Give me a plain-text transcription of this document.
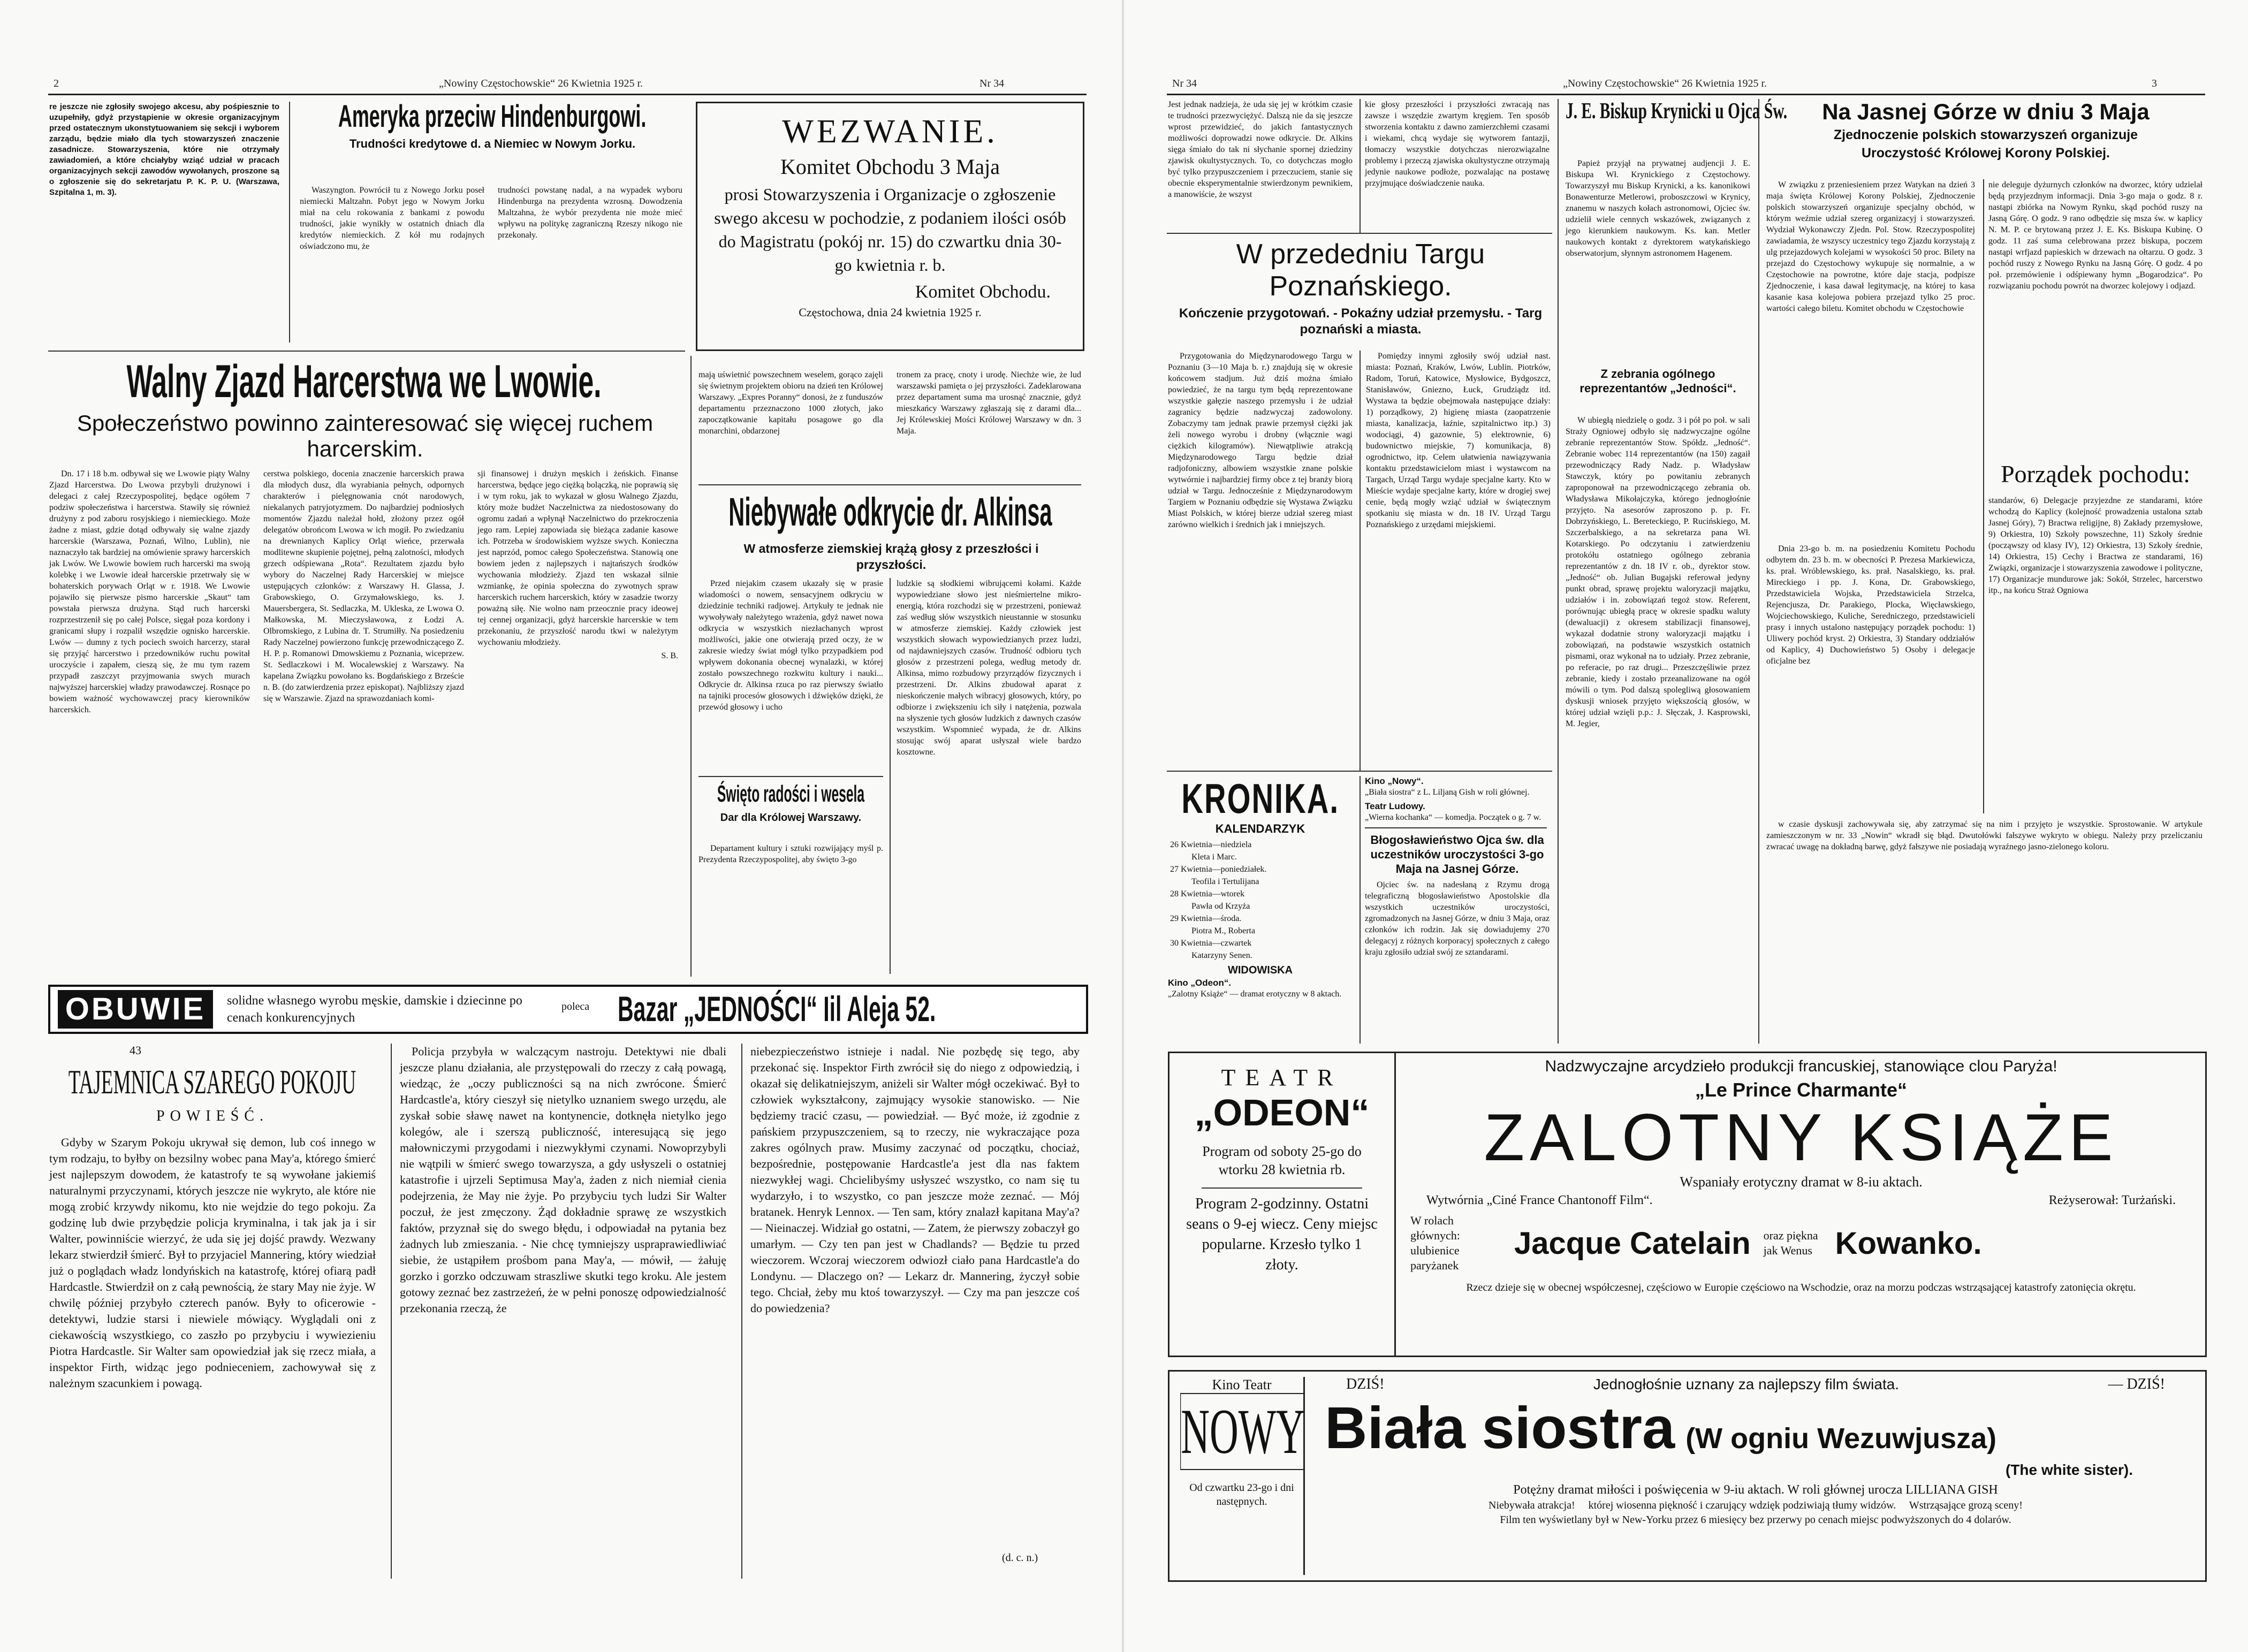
2	„Nowiny Częstochowskie“ 26 Kwietnia 1925 r.	Nr 34

re jeszcze nie zgłosiły swojego akcesu, aby pośpiesznie to uzupełniły, gdyż przystąpienie w okresie organizacyjnym przed ostatecznym ukonstytuowaniem się sekcji i wyborem zarządu, będzie miało dla tych stowarzyszeń znaczenie zasadnicze. Stowarzyszenia, które nie otrzymały zawiadomień, a które chciałyby wziąć udział w pracach organizacyjnych sekcji zawodów wywołanych, proszone są o zgłoszenie się do sekretarjatu P. K. P. U. (Warszawa, Szpitalna 1, m. 3).

Ameryka przeciw Hindenburgowi.
Trudności kredytowe d. a Niemiec w Nowym Jorku.

Waszyngton. Powrócił tu z Nowego Jorku poseł niemiecki Maltzahn. Pobyt jego w Nowym Jorku miał na celu rokowania z bankami z powodu trudności, jakie wynikły w ostatnich dniach dla kredytów niemieckich. Z kół mu rodajnych oświadczono mu, że

trudności powstanę nadal, a na wypadek wyboru Hindenburga na prezydenta wzrosną. Dowodzenia Maltzahna, że wybór prezydenta nie może mieć wpływu na politykę zagraniczną Rzeszy nikogo nie przekonały.

WEZWANIE.
Komitet Obchodu 3 Maja
prosi Stowarzyszenia i Organizacje o zgłoszenie swego akcesu w pochodzie, z podaniem ilości osób do Magistratu (pokój nr. 15) do czwartku dnia 30-go kwietnia r. b.
Komitet Obchodu.
Częstochowa, dnia 24 kwietnia 1925 r.
Walny Zjazd Harcerstwa we Lwowie.
Społeczeństwo powinno zainteresować się więcej ruchem harcerskim.

Dn. 17 i 18 b.m. odbywał się we Lwowie piąty Walny Zjazd Harcerstwa. Do Lwowa przybyli drużynowi i delegaci z całej Rzeczypospolitej, będące ogółem 7 podziw społeczeństwa i harcerstwa. Stawiły się również drużyny z pod zaboru rosyjskiego i niemieckiego. Może żadne z miast, gdzie dotąd odbywały się walne zjazdy harcerskie (Warszawa, Poznań, Wilno, Lublin), nie naznaczyło tak bardziej na omówienie sprawy harcerskich jak Lwów. We Lwowie bowiem ruch harcerski ma swoją kolebkę i we Lwowie ideał harcerskie przetrwały się w bohaterskich porywach Orląt w r. 1918. We Lwowie pojawiło się pierwsze pismo harcerskie „Skaut“ tam powstała pierwsza drużyna. Stąd ruch harcerski rozprzestrzenił się po całej Polsce, sięgał poza kordony i granicami słupy i rozpalił wszędzie ognisko harcerskie. Lwów — dumny z tych pociech swoich harcerzy, starał się przyjąć harcerstwo i przedowników ruchu powitał uroczyście i zapałem, cieszą się, że mu tym razem przypadł zaszczyt przyjmowania swych murach najwyższej harcerskiej władzy prawodawczej. Rosnące po bowiem ważność wychowawczej pracy kierowników harcerskich.

cerstwa polskiego, docenia znaczenie harcerskich prawa dla młodych dusz, dla wyrabiania pełnych, odpornych charakterów i pielęgnowania cnót narodowych, niekalanych patryjotyzmem. Do najbardziej podniosłych momentów Zjazdu należał hołd, złożony przez ogół delegatów obrońcom Lwowa w ich mogił. Po zwiedzaniu na drewnianych Kaplicy Orląt wieńce, przerwała modlitewne skupienie pojętnej, pełną zalotności, młodych grzech odśpiewana „Rota“. Rezultatem zjazdu było wybory do Naczelnej Rady Harcerskiej w miejsce ustępujących członków: z Warszawy H. Glassa, J. Grabowskiego, O. Grzymałowskiego, ks. J. Mauersbergera, St. Sedlaczka, M. Ukleska, ze Lwowa O. Małkowska, M. Mieczysławowa, z Łodzi A. Olbromskiego, z Lubina dr. T. Strumiłły. Na posiedzeniu Rady Naczelnej powierzono funkcję przewodniczącego Z. H. P. p. Romanowi Dmowskiemu z Poznania, wiceprzew. St. Sedlaczkowi i M. Wocalewskiej z Warszawy. Na kapelana Związku powołano ks. Bogdańskiego z Brzeście n. B. (do zatwierdzenia przez episkopat). Najbliższy zjazd się w Warszawie. Zjazd na sprawozdaniach komi-

sji finansowej i drużyn męskich i żeńskich. Finanse harcerstwa, będące jego ciężką bolączką, nie poprawią się i w tym roku, jak to wykazał w głosu Walnego Zjazdu, który może budżet Naczelnictwa za niedostosowany do ogromu zadań a wpłynął Naczelnictwo do przekroczenia jego ram. Lepiej zapowiada się bieżąca zadanie kasowe ich. Potrzeba w środowiskiem wyższe swych. Konieczna jest naprzód, pomoc całego Społeczeństwa. Stanowią one bowiem jeden z najlepszych i najtańszych środków wychowania młodzieży. Zjazd ten wskazał silnie wzmiankę, że opinia społeczna do zywotnych spraw harcerskich ruchem harcerskich, który w zasadzie tworzy poważną siłę. Nie wolno nam przeocznie pracy ideowej tej cennej organizacji, gdyż harcerskie harcerskie w tem przekonaniu, że przyszłość narodu tkwi w należytym wychowaniu młodzieży.

S. B.

mają uświetnić powszechnem weselem, gorąco zajęli się świetnym projektem obioru na dzień ten Królowej Warszawy. „Expres Poranny“ donosi, że z funduszów departamentu przeznaczono 1000 złotych, jako zapoczątkowanie kapitału posagowe go dla monarchini, obdarzonej

tronem za pracę, cnoty i urodę. Niechże wie, że lud warszawski pamięta o jej przyszłości. Zadeklarowana przez departament suma ma urosnąć znacznie, gdyż mieszkańcy Warszawy zgłaszają się z darami dla... Jej Królewskiej Mości Królowej Warszawy w dn. 3 Maja.

Niebywałe odkrycie dr. Alkinsa
W atmosferze ziemskiej krążą głosy z przeszłości i przyszłości.

Przed niejakim czasem ukazały się w prasie wiadomości o nowem, sensacyjnem odkryciu w dziedzinie techniki radjowej. Artykuły te jednak nie wywoływały należytego wrażenia, gdyż nawet nowa odkrycia w wszystkich niezłachanych wprost możliwości, jakie one otwierają przed oczy, że w zakresie wiedzy świat mógł tylko przypadkiem pod wpływem dokonania obecnej wynalazki, w której zostało powszechnego rozkwitu kultury i nauki... Odkrycie dr. Alkinsa rzuca po raz pierwszy światło na tajniki procesów głosowych i dźwięków dzięki, że przewód głosowy i ucho

ludzkie są słodkiemi wibrującemi kołami. Każde wypowiedziane słowo jest nieśmiertelne mikro-energią, która rozchodzi się w przestrzeni, ponieważ zaś według słów wszystkich nieustannie w stosunku w atmosferze ziemskiej. Każdy człowiek jest wszystkich słowach wypowiedzianych przez ludzi, od najdawniejszych czasów. Trudność odbioru tych głosów z przestrzeni polega, według metody dr. Alkinsa, mimo rozbudowy przyrządów fizycznych i przestrzeni. Dr. Alkins zbudował aparat z nieskończenie małych wibracyj głosowych, który, po odbiorze i zwiększeniu ich siły i natężenia, pozwala na słyszenie tych głosów ludzkich z dawnych czasów wszystkim. Wspomnieć wypada, że dr. Alkins stosując swój aparat usłyszał wiele bardzo kosztowne.

Święto radości i wesela
Dar dla Królowej Warszawy.

Departament kultury i sztuki rozwijający myśl p. Prezydenta Rzeczypospolitej, aby święto 3-go

OBUWIE	solidne własnego wyrobu męskie, damskie i dziecinne po cenach konkurencyjnych
poleca Bazar „JEDNOŚCI“ Iil Aleja 52.
43
TAJEMNICA SZAREGO POKOJU
POWIEŚĆ.

Gdyby w Szarym Pokoju ukrywał się demon, lub coś innego w tym rodzaju, to byłby on bezsilny wobec pana May'a, którego śmierć jest najlepszym dowodem, że katastrofy te są wywołane jakiemiś naturalnymi przyczynami, których jeszcze nie wykryto, ale które nie mogą zrobić krzywdy nikomu, kto nie wejdzie do tego pokoju. Za godzinę lub dwie przybędzie policja kryminalna, i tak jak ja i sir Walter, powinniście wierzyć, że uda się jej dojść prawdy. Wezwany lekarz stwierdził śmierć. Był to przyjaciel Mannering, który wiedział już o poglądach władz londyńskich na katastrofę, której ofiarą padł Hardcastle. Stwierdził on z całą pewnością, że stary May nie żyje. W chwilę później przybyło czterech panów. Były to oficerowie - detektywi, ludzie starsi i niewiele mówiący. Wyglądali oni z ciekawością wszystkiego, co zaszło po przybyciu i wywiezieniu Piotra Hardcastle. Sir Walter sam opowiedział jak się rzecz miała, a inspektor Firth, widząc jego podnieceniem, zachowywał się z należnym szacunkiem i powagą.

Policja przybyła w walczącym nastroju. Detektywi nie dbali jeszcze planu działania, ale przystępowali do rzeczy z całą powagą, wiedząc, że „oczy publiczności są na nich zwrócone. Śmierć Hardcastle'a, który cieszył się nietylko uznaniem swego urzędu, ale zyskał sobie sławę nawet na kontynencie, dotknęła nietylko jego kolegów, ale i szerszą publiczność, interesującą się jego małowniczymi przygodami i niezwykłymi czynami. Nowoprzybyli nie wątpili w śmierć swego towarzysza, a gdy usłyszeli o ostatniej katastrofie i ujrzeli Septimusa May'a, żaden z nich niemiał cienia podejrzenia, że May nie żyje. Po przybyciu tych ludzi Sir Walter poczuł, że jest zmęczony. Żąd dokładnie sprawę ze wszystkich faktów, przyznał się do swego błędu, i odpowiadał na pytania bez żadnych lub zmieszania. - Nie chcę tymniejszy uspraprawiedliwiać siebie, że ustąpiłem prośbom pana May'a, — mówił, — żałuję gorzko i gorzko odczuwam straszliwe skutki tego kroku. Ale jestem gotowy zeznać bez zastrzeżeń, że w pełni ponoszę odpowiedzialność przekonania rzeczą, że

niebezpieczeństwo istnieje i nadal. Nie pozbędę się tego, aby przekonać się. Inspektor Firth zwrócił się do niego z odpowiedzią, i okazał się delikatniejszym, aniżeli sir Walter mógł oczekiwać. Był to człowiek wykształcony, zajmujący wysokie stanowisko. — Nie będziemy tracić czasu, — powiedział. — Być może, iż zgodnie z pańskiem przypuszczeniem, są to rzeczy, nie wykraczające poza zakres ogólnych praw. Musimy zaczynać od początku, chociaż, bezpośrednie, postępowanie Hardcastle'a jest dla nas faktem niezwykłej wagi. Chcielibyśmy usłyszeć wszystko, co nam się tu wydarzyło, i to wszystko, co pan jeszcze może zeznać. — Mój bratanek. Henryk Lennox. — Ten sam, który znalazł kapitana May'a? — Nieinaczej. Widział go ostatni, — Zatem, że pierwszy zobaczył go umarłym. — Czy ten pan jest w Chadlands? — Będzie tu przed wieczorem. Wczoraj wieczorem odwiozł ciało pana Hardcastle'a do Londynu. — Dlaczego on? — Lekarz dr. Mannering, życzył sobie tego. Chciał, żeby mu ktoś towarzyszył. — Czy ma pan jeszcze coś do powiedzenia?

(d. c. n.)
Nr 34	„Nowiny Częstochowskie“ 26 Kwietnia 1925 r.	3

Jest jednak nadzieja, że uda się jej w krótkim czasie te trudności przezwyciężyć. Dalszą nie da się jeszcze wprost przewidzieć, do jakich fantastycznych możliwości doprowadzi nowe odkrycie. Dr. Alkins sięga śmiało do tak ni słychanie spornej dziedziny zjawisk okultystycznych. To, co dotychczas mogło być tylko przypuszczeniem i przeczuciem, stanie się obecnie eksperymentalnie stwierdzonym pewnikiem, a manowiście, że wszyst

kie głosy przeszłości i przyszłości zwracają nas zawsze i wszędzie zwartym kręgiem. Ten sposób stworzenia kontaktu z dawno zamierzchłemi czasami i wiekami, chcą wydaje się wytworem fantazji, tłomaczy wszystkie dotychczas nierozwiązalne problemy i przeczą zjawiska okultystyczne otrzymają jedynie naukowe podłoże, pozwalając na postawę przyjmujące doświadczenie nauka.

W przededniu Targu Poznańskiego.
Kończenie przygotowań. - Pokaźny udział przemysłu. - Targ poznański a miasta.

Przygotowania do Międzynarodowego Targu w Poznaniu (3—10 Maja b. r.) znajdują się w okresie końcowem stadjum. Już dziś można śmiało powiedzieć, że na targu tym będą reprezentowane wszystkie gałęzie naszego przemysłu i że udział zagranicy będzie nadzwyczaj zadowolony. Zobaczymy tam jednak prawie przemysł ciężki jak żeli nowego wyrobu i drobny (włącznie wagi ciężkich kilogramów). Niewątpliwie atrakcją Międzynarodowego Targu będzie dział radjofoniczny, albowiem wszystkie znane polskie wytwórnie i najbardziej firmy obce z tej branży biorą udział w Targu. Jednocześnie z Międzynarodowym Targiem w Poznaniu odbędzie się Wystawa Związku Miast Polskich, w której bierze udział szereg miast zarówno wielkich i średnich jak i mniejszych.

Pomiędzy innymi zgłosiły swój udział nast. miasta: Poznań, Kraków, Lwów, Lublin. Piotrków, Radom, Toruń, Katowice, Mysłowice, Bydgoszcz, Stanisławów, Gniezno, Łuck, Grudziądz itd. Wystawa ta będzie obejmowała następujące działy: 1) porządkowy, 2) higienę miasta (zaopatrzenie miasta, kanalizacja, łaźnie, szpitalnictwo itp.) 3) wodociągi, 4) gazownie, 5) elektrownie, 6) budownictwo miejskie, 7) komunikacja, 8) ogrodnictwo, itp. Celem ułatwienia nawiązywania kontaktu przedstawicielom miast i wystawcom na Targach, Urząd Targu wydaje specjalne karty. Kto w Mieście wydaje specjalne karty, które w drogiej swej cenie, będą mogły wziąć udział w świątecznym spotkaniu się miasta w dn. 18 IV. Urząd Targu Poznańskiego z urzędami miejskiemi.

KRONIKA.
KALENDARZYK
26 Kwietnia—niedziela
Kleta i Marc.
27 Kwietnia—poniedziałek.
Teofila i Tertulijana
28 Kwietnia—wtorek
Pawła od Krzyża
29 Kwietnia—środa.
Piotra M., Roberta
30 Kwietnia—czwartek
Katarzyny Senen.
WIDOWISKA
Kino „Odeon“.
„Zalotny Książe“ — dramat erotyczny w 8 aktach.
Kino „Nowy“.
„Biała siostra“ z L. Liljaną Gish w roli głównej.
Teatr Ludowy.
„Wierna kochanka“ — komedja. Początek o g. 7 w.
Błogosławieństwo Ojca św. dla uczestników uroczystości 3-go Maja na Jasnej Górze.

Ojciec św. na nadesłaną z Rzymu drogą telegraficzną błogosławieństwo Apostolskie dla wszystkich uczestników uroczystości, zgromadzonych na Jasnej Górze, w dniu 3 Maja, oraz członków ich rodzin. Jak się dowiadujemy 270 delegacyj z różnych korporacyj społecznych z całego kraju zgłosiło udział swój ze sztandarami.

J. E. Biskup Krynicki u Ojca Św.

Papież przyjął na prywatnej audjencji J. E. Biskupa Wł. Krynickiego z Częstochowy. Towarzyszył mu Biskup Krynicki, a ks. kanonikowi Bonawenturze Metlerowi, proboszczowi w Krynicy, znanemu w naszych kołach astronomowi, Ojciec św. udzielił wiele cennych wskazówek, związanych z jego kierunkiem naukowym. Ks. kan. Metler naukowych kontakt z dyrektorem watykańskiego obserwatorjum, słynnym astronomem Hagenem.

Z zebrania ogólnego reprezentantów „Jedności“.

W ubiegłą niedzielę o godz. 3 i pół po poł. w sali Straży Ogniowej odbyło się nadzwyczajne ogólne zebranie reprezentantów Stow. Spółdz. „Jedność“. Zebranie wobec 114 reprezentantów (na 150) zagaił przewodniczący Rady Nadz. p. Władysław Stawczyk, który po powitaniu zebranych zaproponował na przewodniczącego zebrania ob. Władysława Mikołajczyka, którego jednogłośnie przyjęto. Na asesorów zaproszono p. p. Fr. Dobrzyńskiego, L. Bereteckiego, P. Rucińskiego, M. Szczerbalskiego, a na sekretarza pana Wł. Kotarskiego. Po odczytaniu i zatwierdzeniu protokółu ostatniego ogólnego zebrania reprezentantów z dn. 18 IV r. ob., dyrektor stow. „Jedność“ ob. Julian Bugajski referował jedyny punkt obrad, sprawę projektu waloryzacji majątku, udziałów i in. zobowiązań tegoż stow. Referent, porównując ubiegłą pracę w okresie spadku waluty (dewaluacji) z okresem stabilizacji finansowej, wykazał dodatnie strony waloryzacji majątku i zobowiązań, na podstawie wszystkich ostatnich pismami, oraz wykonał na to udziały. Przez zebranie, po referacie, po raz drugi... Przeszczęśliwie przez zebranie, kiedy i zostało przeanalizowane na ogół mówili o tym. Pod dalszą spolegliwą głosowaniem dyskusji wniosek przyjęto większością głosów, w której udział wzięli p.p.: J. Słęczak, J. Kasprowski, M. Jegier,

Na Jasnej Górze w dniu 3 Maja
Zjednoczenie polskich stowarzyszeń organizuje
Uroczystość Królowej Korony Polskiej.

W związku z przeniesieniem przez Watykan na dzień 3 maja święta Królowej Korony Polskiej, Zjednoczenie polskich stowarzyszeń organizuje specjalny obchód, w którym weźmie udział szereg organizacyj i stowarzyszeń. Wydział Wykonawczy Zjedn. Pol. Stow. Rzeczypospolitej zawiadamia, że wszyscy uczestnicy tego Zjazdu korzystają z ulg przejazdowych kolejami w wysokości 50 proc. Bilety na przejazd do Częstochowy wykupuje się normalnie, a w Częstochowie na powrotne, które daje stacja, podpisze Zjednoczenie, i kasa dawał legitymację, na której to kasa kasanie kasa kolejowa pobiera przejazd tylko 25 proc. wartości całego biletu. Komitet obchodu w Częstochowie

nie deleguje dyżurnych członków na dworzec, który udzielał będą przyjezdnym informacji. Dnia 3-go maja o godz. 8 r. nastąpi zbiórka na Nowym Rynku, skąd pochód ruszy na Jasną Górę. O godz. 9 rano odbędzie się msza św. w kaplicy N. M. P. ce brytowaną przez J. E. Ks. Biskupa Kubinę. O godz. 11 zaś suma celebrowana przez biskupa, poczem nastąpi wrfjazd papieskich w drzewach na ołtarzu. O godz. 3 pochód ruszy z Nowego Rynku na Jasną Górę. O godz. 4 po poł. przemówienie i odśpiewany hymn „Bogarodzica“. Po rozwiązaniu pochodu powrót na dworzec kolejowy i odjazd.

Porządek pochodu:

Dnia 23-go b. m. na posiedzeniu Komitetu Pochodu odbytem dn. 23 b. m. w obecności P. Prezesa Markiewicza, ks. prał. Wróblewskiego, ks. prał. Nasalskiego, ks. prał. Mireckiego i pp. J. Kona, Dr. Grabowskiego, Przedstawiciela Wojska, Przedstawiciela Strzelca, Rejencjusza, Dr. Parakiego, Plocka, Więcławskiego, Wojciechowskiego, Kuliche, Seredniczego, przedstawicieli prasy i innych ustalono następujący porządek pochodu: 1) Uliwery pochód kryst. 2) Orkiestra, 3) Standary oddziałów od Kaplicy, 4) Duchowieństwo 5) Osoby i delegacje oficjalne bez

standarów, 6) Delegacje przyjezdne ze standarami, które wchodzą do Kaplicy (kolejność prowadzenia ustalona sztab Jasnej Góry), 7) Bractwa religijne, 8) Zakłady przemysłowe, 9) Orkiestra, 10) Szkoły powszechne, 11) Szkoły średnie (począwszy od klasy IV), 12) Orkiestra, 13) Szkoły średnie, 14) Orkiestra, 15) Cechy i Bractwa ze standarami, 16) Związki, organizacje i stowarzyszenia zawodowe i polityczne, 17) Organizacje mundurowe jak: Sokół, Strzelec, harcerstwo itp., na końcu Straż Ogniowa

w czasie dyskusji zachowywała się, aby zatrzymać się na nim i przyjęto je wszystkie. Sprostowanie. W artykule zamieszczonym w nr. 33 „Nowin“ wkradł się błąd. Dwutołówki fałszywe wykryto w obiegu. Należy przy przeliczaniu zwracać uwagę na dokładną barwę, gdyż fałszywe nie posiadają wyraźnego jasno-zielonego koloru.

TEATR
„ODEON“
Program od soboty 25-go do wtorku 28 kwietnia rb.
Program 2-godzinny. Ostatni seans o 9-ej wiecz. Ceny miejsc popularne. Krzesło tylko 1 złoty.
Nadzwyczajne arcydzieło produkcji francuskiej, stanowiące clou Paryża!
„Le Prince Charmante“
ZALOTNY KSIĄŻE
Wspaniały erotyczny dramat w 8-iu aktach.
Wytwórnia „Ciné France Chantonoff Film“.	Reżyserował: Turżański.
W rolach głównych: ulubienice paryżanek
Jacque Catelain oraz piękna jak Wenus Kowanko.
Rzecz dzieje się w obecnej współczesnej, częściowo w Europie częściowo na Wschodzie, oraz na morzu podczas wstrząsającej katastrofy zatonięcia okrętu.
Kino Teatr
NOWY
Od czwartku 23-go i dni następnych.
DZIŚ!	Jednogłośnie uznany za najlepszy film świata.	— DZIŚ!
Biała siostra (W ogniu Wezuwjusza)
(The white sister).
Potężny dramat miłości i poświęcenia w 9-iu aktach. W roli głównej urocza LILLIANA GISH
Niebywała atrakcja!     której wiosenna piękność i czarujący wdzięk podziwiają tłumy widzów.     Wstrząsające grozą sceny!
Film ten wyświetlany był w New-Yorku przez 6 miesięcy bez przerwy po cenach miejsc podwyższonych do 4 dolarów.
